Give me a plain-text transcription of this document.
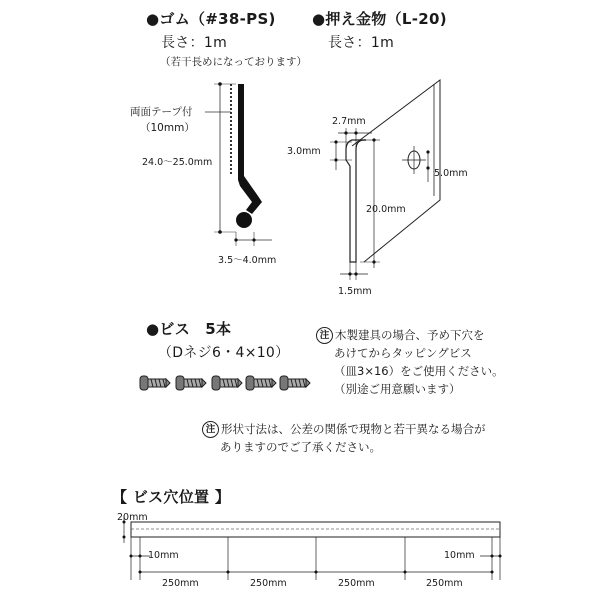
●ゴム（#38-PS)
長さ：1m
（若干長めになっております）
両面テープ付
（10mm）
24.0～25.0mm
3.5～4.0mm
●押え金物（L-20)
長さ：1m
2.7mm
3.0mm
5.0mm
20.0mm
1.5mm
●ビス　5本
（Dネジ6・4×10）
注 木製建具の場合、予め下穴を
あけてからタッピングビス
（皿3×16）をご使用ください。
（別途ご用意願います）
注 形状寸法は、公差の関係で現物と若干異なる場合が
ありますのでご了承ください。
【 ビス穴位置 】
20mm
10mm	10mm
250mm	250mm	250mm	250mm
